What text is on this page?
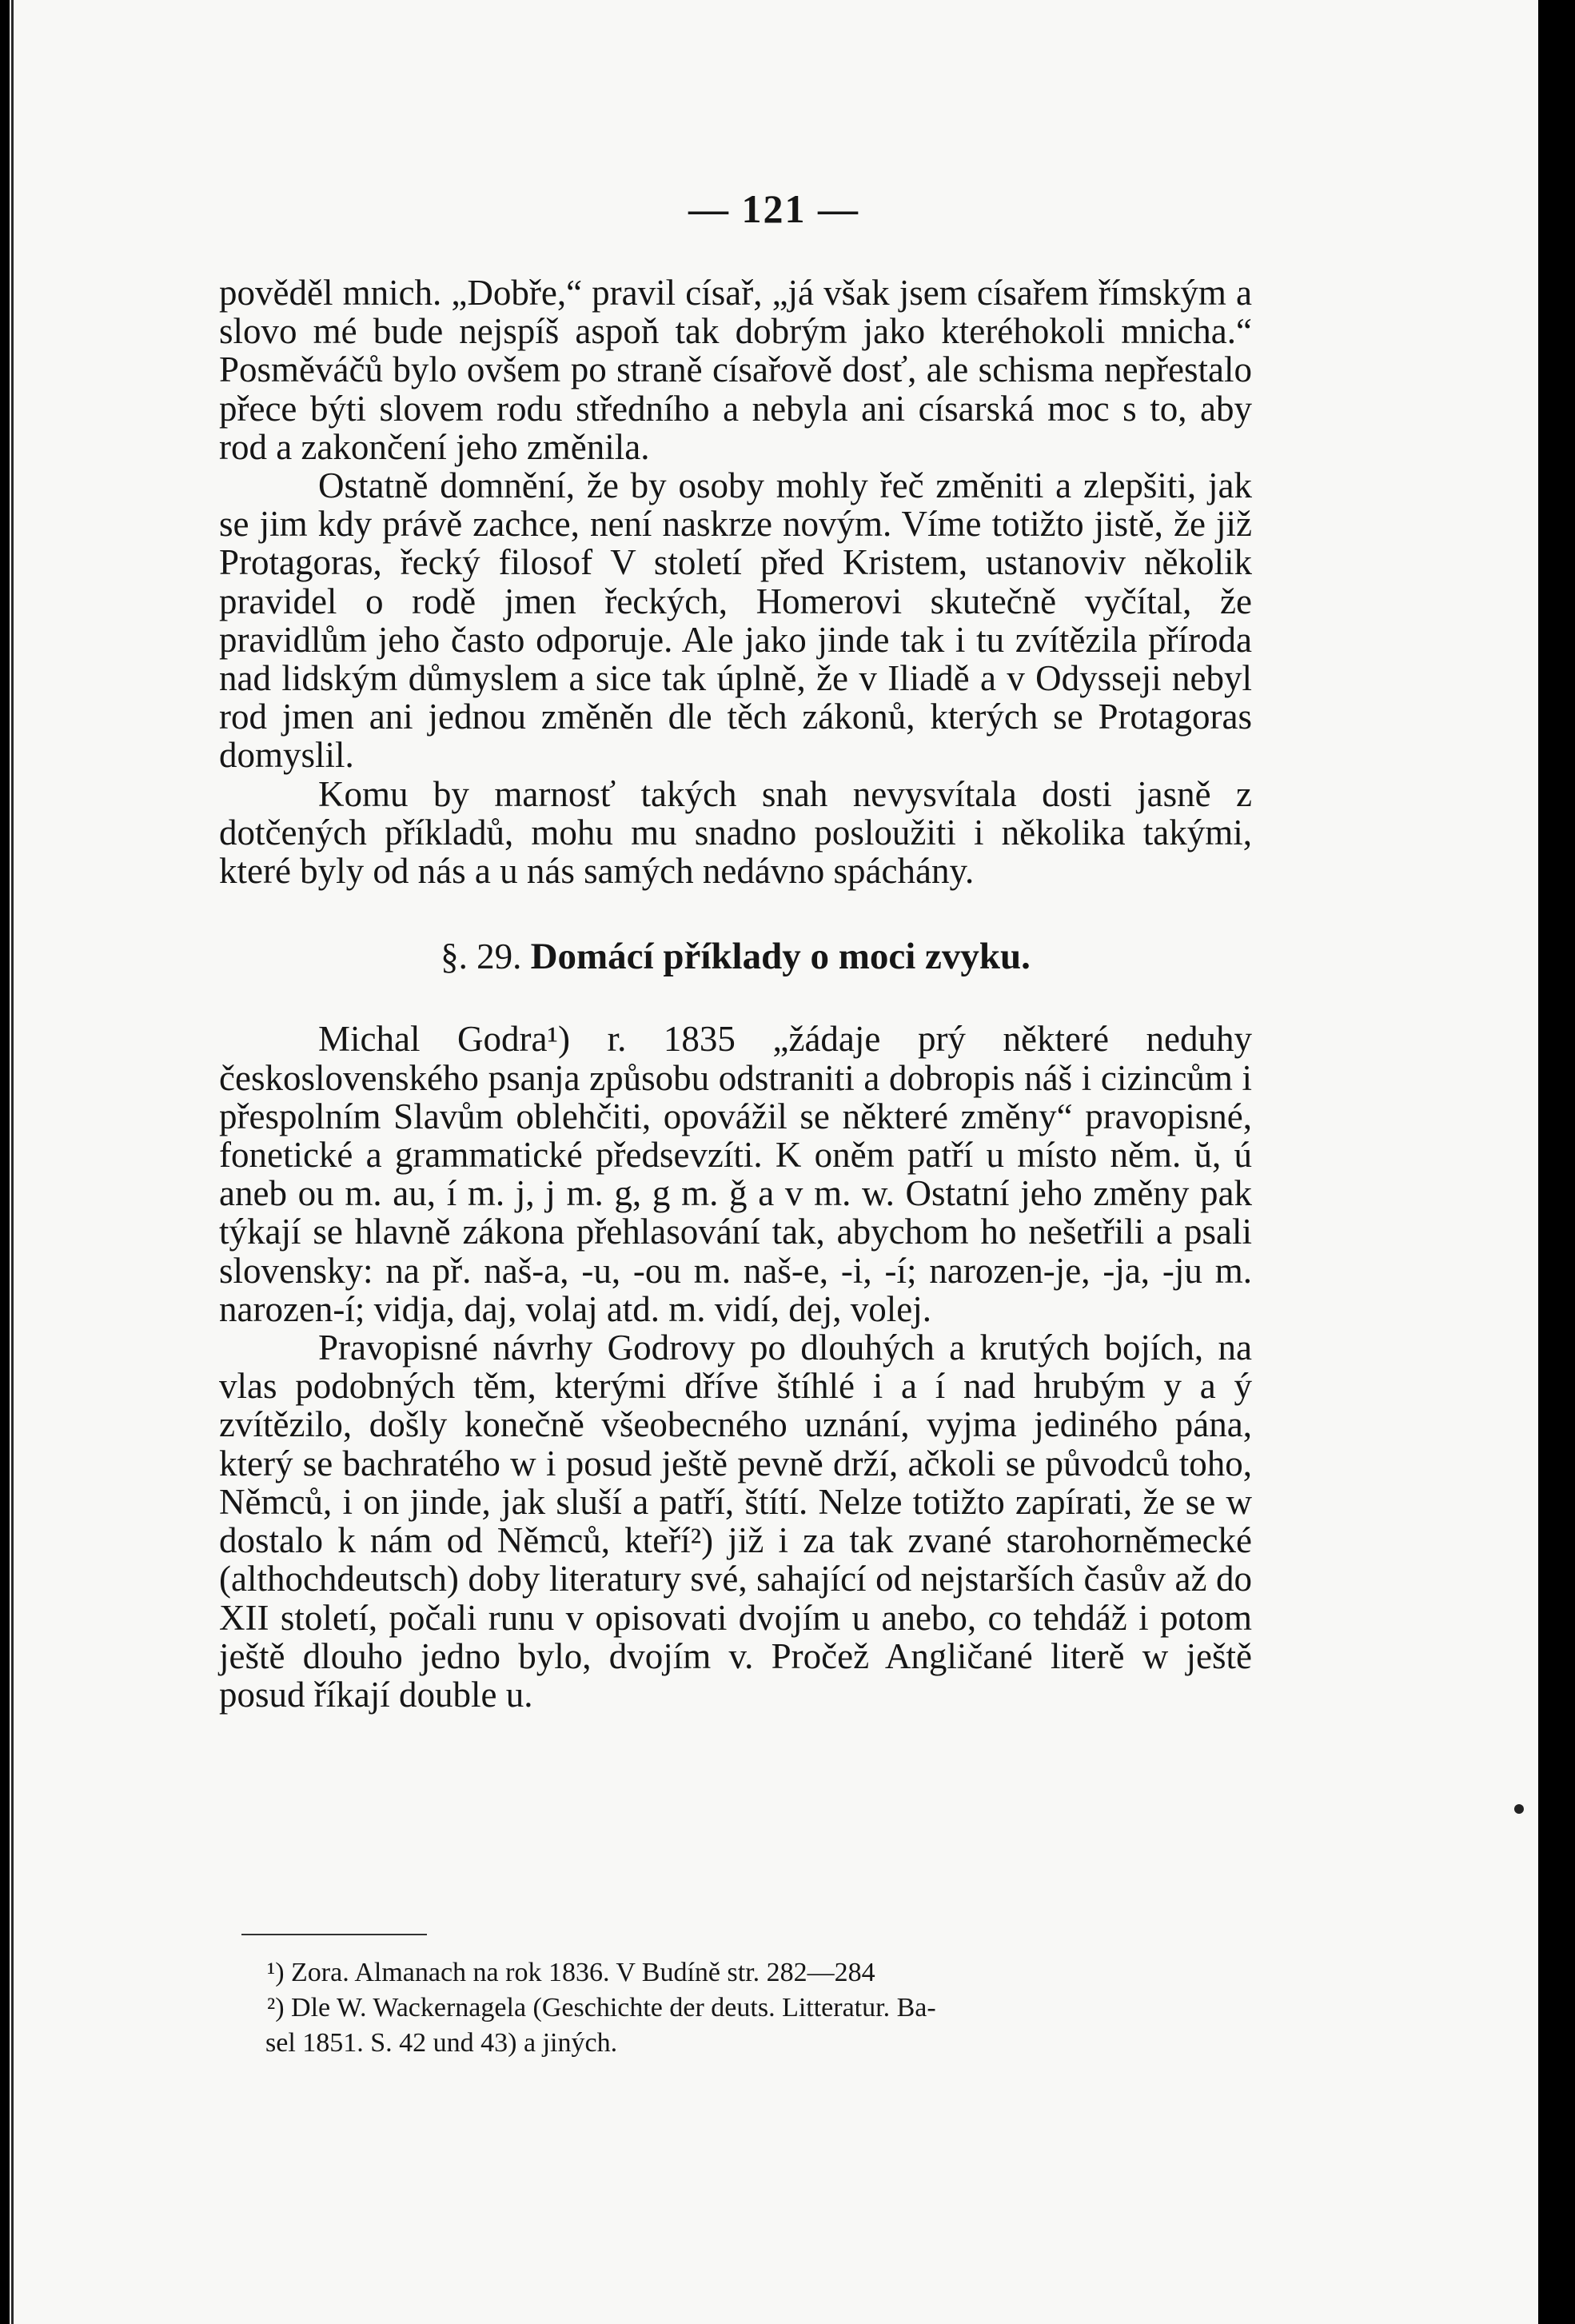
— 121 —

pověděl mnich. „Dobře,“ pravil císař, „já však jsem císařem římským a slovo mé bude nejspíš aspoň tak dobrým jako kteréhokoli mnicha.“ Posměváčů bylo ovšem po straně císařově dosť, ale schisma nepřestalo přece býti slovem rodu středního a nebyla ani císarská moc s to, aby rod a zakončení jeho změnila.

Ostatně domnění, že by osoby mohly řeč změniti a zlepšiti, jak se jim kdy právě zachce, není naskrze novým. Víme totižto jistě, že již Protagoras, řecký filosof V století před Kristem, ustanoviv několik pravidel o rodě jmen řeckých, Homerovi skutečně vyčítal, že pravidlům jeho často odporuje. Ale jako jinde tak i tu zvítězila příroda nad lidským důmyslem a sice tak úplně, že v Iliadě a v Odysseji nebyl rod jmen ani jednou změněn dle těch zákonů, kterých se Protagoras domyslil.

Komu by marnosť takých snah nevysvítala dosti jasně z dotčených příkladů, mohu mu snadno posloužiti i několika takými, které byly od nás a u nás samých nedávno spáchány.

§. 29. Domácí příklady o moci zvyku.

Michal Godra¹) r. 1835 „žádaje prý některé neduhy československého psanja způsobu odstraniti a dobropis náš i cizincům i přespolním Slavům oblehčiti, opovážil se některé změny“ pravopisné, fonetické a grammatické předsevzíti. K oněm patří u místo něm. ŭ, ú aneb ou m. au, í m. j, j m. g, g m. ǧ a v m. w. Ostatní jeho změny pak týkají se hlavně zákona přehlasování tak, abychom ho nešetřili a psali slovensky: na př. naš-a, -u, -ou m. naš-e, -i, -í; narozen-je, -ja, -ju m. narozen-í; vidja, daj, volaj atd. m. vidí, dej, volej.

Pravopisné návrhy Godrovy po dlouhých a krutých bojích, na vlas podobných těm, kterými dříve štíhlé i a í nad hrubým y a ý zvítězilo, došly konečně všeobecného uznání, vyjma jediného pána, který se bachratého w i posud ještě pevně drží, ačkoli se původců toho, Němců, i on jinde, jak sluší a patří, štítí. Nelze totižto zapírati, že se w dostalo k nám od Němců, kteří²) již i za tak zvané starohorněmecké (althochdeutsch) doby literatury své, sahající od nejstarších časův až do XII století, počali runu v opisovati dvojím u anebo, co tehdáž i potom ještě dlouho jedno bylo, dvojím v. Pročež Angličané literě w ještě posud říkají double u.

¹) Zora. Almanach na rok 1836. V Budíně str. 282—284

²) Dle W. Wackernagela (Geschichte der deuts. Litteratur. Ba-

sel 1851. S. 42 und 43) a jiných.
